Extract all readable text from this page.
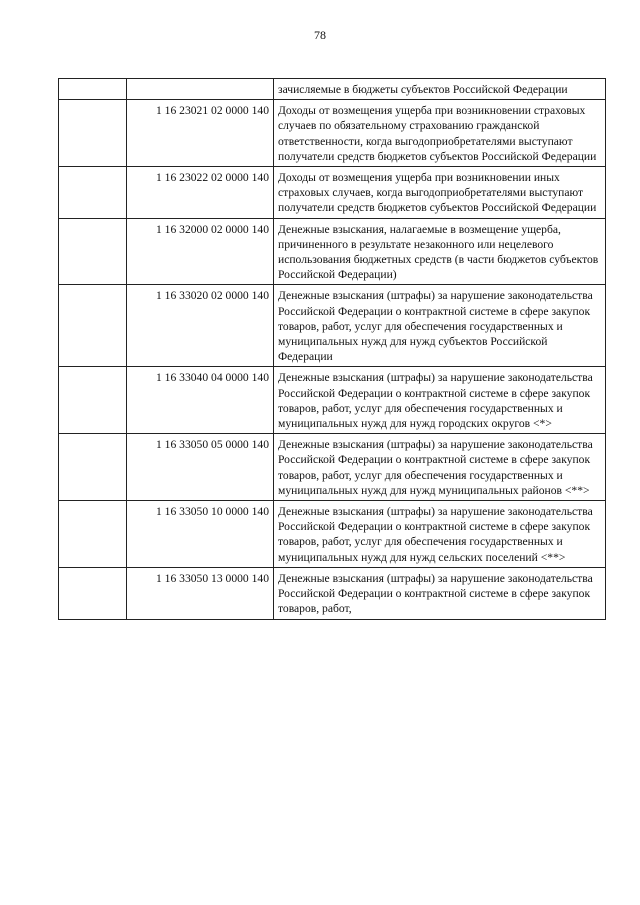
78
		зачисляемые в бюджеты субъектов Российской Федерации
	1 16 23021 02 0000 140	Доходы от возмещения ущерба при возникновении страховых случаев по обязательному страхованию гражданской ответственности, когда выгодоприобретателями выступают получатели средств бюджетов субъектов Российской Федерации
	1 16 23022 02 0000 140	Доходы от возмещения ущерба при возникновении иных страховых случаев, когда выгодоприобретателями выступают получатели средств бюджетов субъектов Российской Федерации
	1 16 32000 02 0000 140	Денежные взыскания, налагаемые в возмещение ущерба, причиненного в результате незаконного или нецелевого использования бюджетных средств (в части бюджетов субъектов Российской Федерации)
	1 16 33020 02 0000 140	Денежные взыскания (штрафы) за нарушение законодательства Российской Федерации о контрактной системе в сфере закупок товаров, работ, услуг для обеспечения государственных и муниципальных нужд для нужд субъектов Российской Федерации
	1 16 33040 04 0000 140	Денежные взыскания (штрафы) за нарушение законодательства Российской Федерации о контрактной системе в сфере закупок товаров, работ, услуг для обеспечения государственных и муниципальных нужд для нужд городских округов <*>
	1 16 33050 05 0000 140	Денежные взыскания (штрафы) за нарушение законодательства Российской Федерации о контрактной системе в сфере закупок товаров, работ, услуг для обеспечения государственных и муниципальных нужд для нужд муниципальных районов <**>
	1 16 33050 10 0000 140	Денежные взыскания (штрафы) за нарушение законодательства Российской Федерации о контрактной системе в сфере закупок товаров, работ, услуг для обеспечения государственных и муниципальных нужд для нужд сельских поселений <**>
	1 16 33050 13 0000 140	Денежные взыскания (штрафы) за нарушение законодательства Российской Федерации о контрактной системе в сфере закупок товаров, работ,
